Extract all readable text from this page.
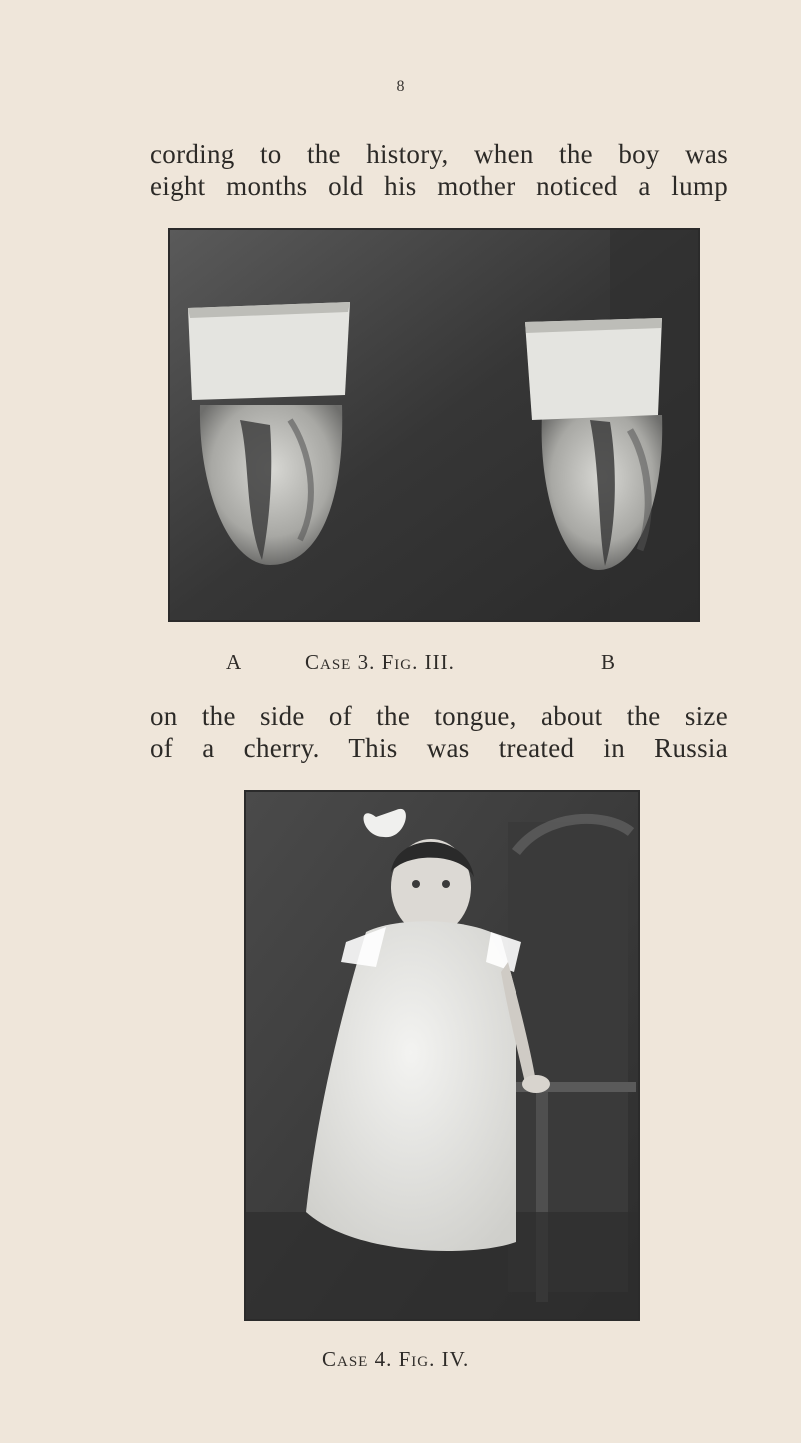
8

cording to the history, when the boy was
eight months old his mother noticed a lump

A	Case 3. Fig. III.	B

on the side of the tongue, about the size
of a cherry. This was treated in Russia

Case 4. Fig. IV.
